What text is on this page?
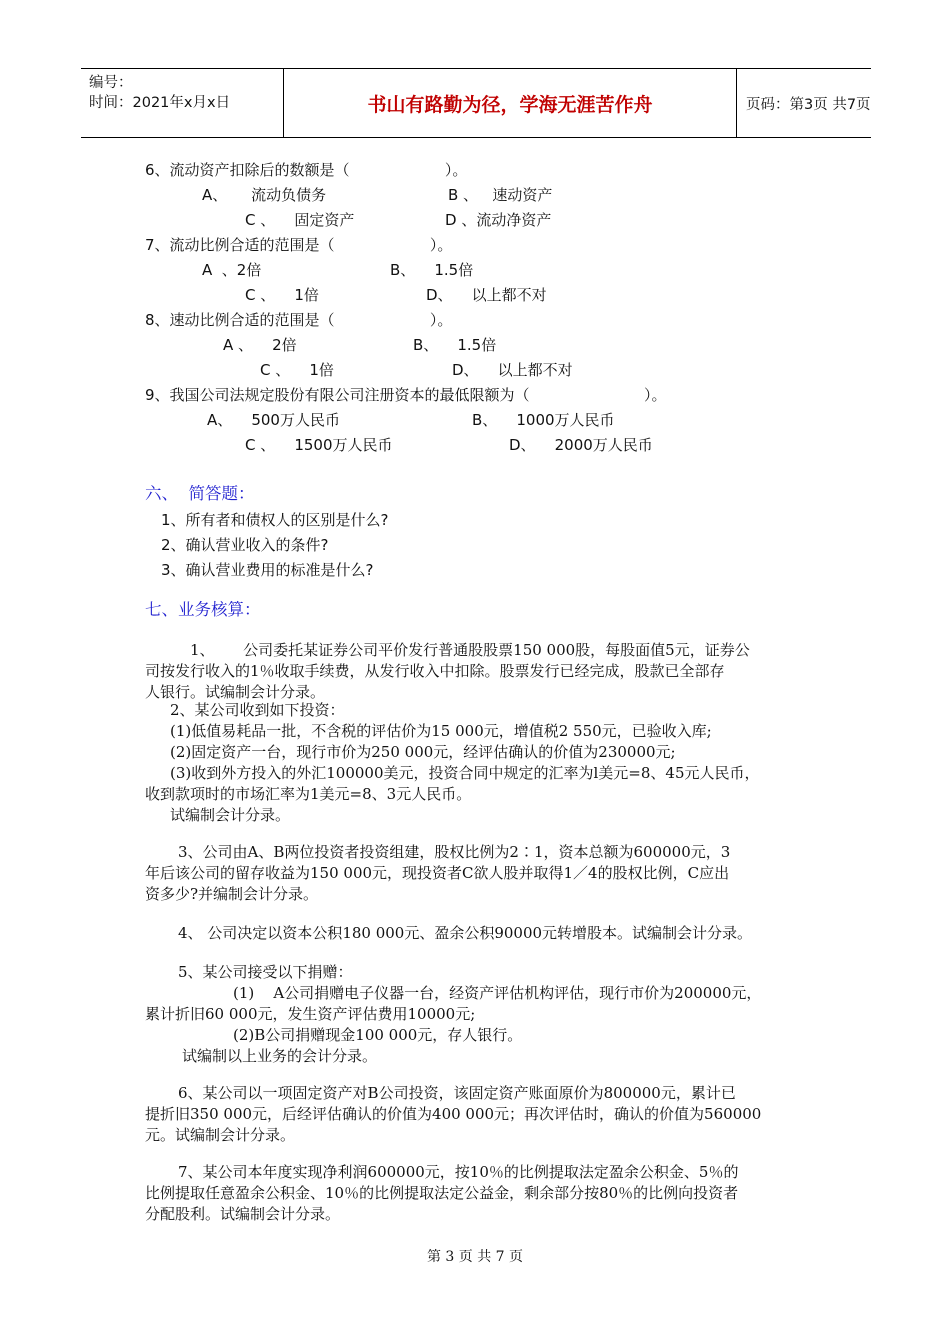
编号：
时间：2021年x月x日	书山有路勤为径，学海无涯苦作舟	页码：第3页 共7页
6、流动资产扣除后的数额是（                    ）。
A、     流动负债务	B 、   速动资产
C 、    固定资产	D 、流动净资产
7、流动比例合适的范围是（                    ）。
A  、2倍	B、    1.5倍
C 、    1倍	D、    以上都不对
8、速动比例合适的范围是（                    ）。
A 、    2倍	B、    1.5倍
C 、    1倍	D、    以上都不对
9、我国公司法规定股份有限公司注册资本的最低限额为（                        ）。
A、    500万人民币	B、    1000万人民币
C 、    1500万人民币	D、    2000万人民币
六、  简答题：
1、所有者和债权人的区别是什么?
2、确认营业收入的条件?
3、确认营业费用的标准是什么?
七、业务核算：
1、      公司委托某证券公司平价发行普通股股票150 000股，每股面值5元，证券公
司按发行收入的1％收取手续费，从发行收入中扣除。股票发行已经完成，股款已全部存
人银行。试编制会计分录。
2、某公司收到如下投资：
(1)低值易耗品一批，不含税的评估价为15 000元，增值税2 550元，已验收入库;
(2)固定资产一台，现行市价为250 000元，经评估确认的价值为230000元;
(3)收到外方投入的外汇100000美元，投资合同中规定的汇率为l美元=8、45元人民币，
收到款项时的市场汇率为1美元=8、3元人民币。
试编制会计分录。
3、公司由A、B两位投资者投资组建，股权比例为2∶1，资本总额为600000元，3
年后该公司的留存收益为150 000元，现投资者C欲人股并取得1／4的股权比例，C应出
资多少?并编制会计分录。
4、 公司决定以资本公积180 000元、盈余公积90000元转增股本。试编制会计分录。
5、某公司接受以下捐赠：
(1)    A公司捐赠电子仪器一台，经资产评估机构评估，现行市价为200000元，
累计折旧60 000元，发生资产评估费用10000元;
(2)B公司捐赠现金100 000元，存人银行。
试编制以上业务的会计分录。
6、某公司以一项固定资产对B公司投资，该固定资产账面原价为800000元，累计已
提折旧350 000元，后经评估确认的价值为400 000元；再次评估时，确认的价值为560000
元。试编制会计分录。
7、某公司本年度实现净利润600000元，按10％的比例提取法定盈余公积金、5％的
比例提取任意盈余公积金、10％的比例提取法定公益金，剩余部分按80％的比例向投资者
分配股利。试编制会计分录。
第 3 页 共 7 页
